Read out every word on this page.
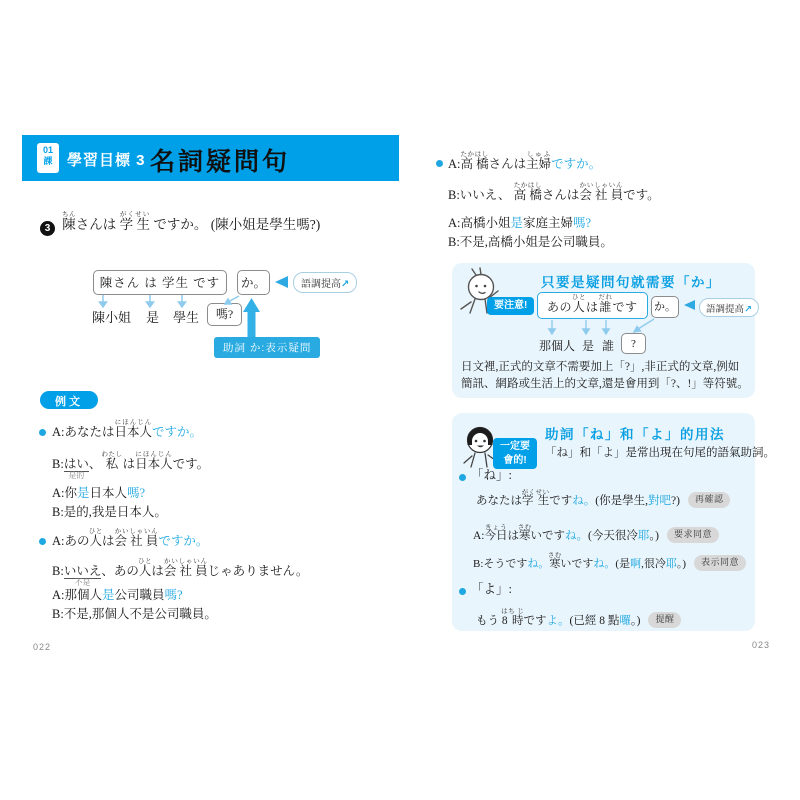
01
課 學習目標 3 名詞疑問句
3 陳ちんさんは 学 生がくせい ですか。 (陳小姐是學生嗎?)
陳さん は 学生 です か。	語調提高↗
陳小姐 是 學生 嗎?
助詞 か:表示疑問
例文
A:あなたは日本人にほんじんですか。
B:はい
是的
、 私わたし は日本人にほんじんです。
A:你是日本人嗎?
B:是的,我是日本人。
A:あの人ひとは会 社 員かいしゃいんですか。
B:いいえ
不是
、あの人ひとは会 社 員かいしゃいんじゃありません。
A:那個人是公司職員嗎?
B:不是,那個人不是公司職員。
022
A:高 橋たかはしさんは主婦しゅふですか。
B:いいえ、 高 橋たかはしさんは会 社 員かいしゃいんです。
A:高橋小姐是家庭主婦嗎?
B:不是,高橋小姐是公司職員。
要注意!
只要是疑問句就需要「か」
あの 人ひと
は 誰だれ
です か。	語調提高↗
那個人 是 誰 ?
日文裡,正式的文章不需要加上「?」,非正式的文章,例如簡訊、網路或生活上的文章,還是會用到「?、!」等符號。
一定要會的!
助詞「ね」和「よ」的用法
「ね」和「よ」是常出現在句尾的語氣助詞。
「ね」:
あなたは学 生がくせいですね。(你是學生,對吧?) 再確認
A:今日きょうは寒さむいですね。(今天很冷耶。) 要求同意
B:そうですね。寒さむいですね。(是啊,很冷耶。) 表示同意
「よ」:
もう 8 時はち じですよ。(已經 8 點囉。) 提醒
023
